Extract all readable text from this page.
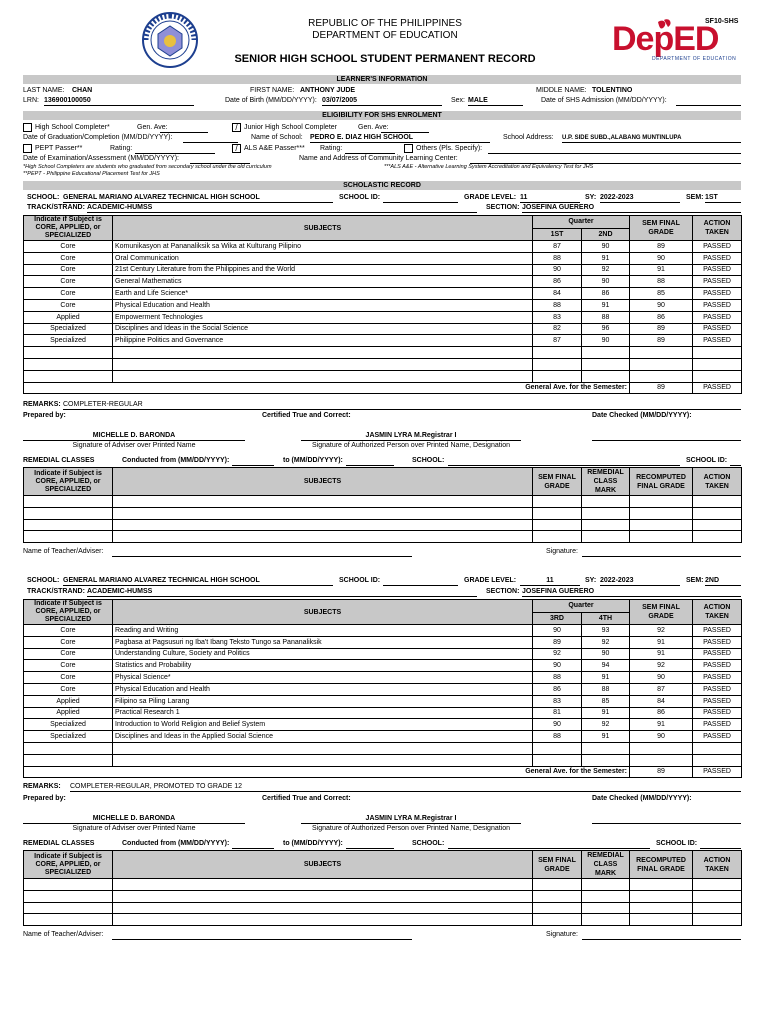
REPUBLIC OF THE PHILIPPINES
DEPARTMENT OF EDUCATION
SENIOR HIGH SCHOOL STUDENT PERMANENT RECORD
SF10-SHS
DepED
DEPARTMENT OF EDUCATION
LEARNER'S INFORMATION
LAST NAME: CHAN	FIRST NAME: ANTHONY JUDE	MIDDLE NAME: TOLENTINO
LRN: 136900100050	Date of Birth (MM/DD/YYYY): 03/07/2005	Sex: MALE	Date of SHS Admission (MM/DD/YYYY):
ELIGIBILITY FOR SHS ENROLMENT
High School Completer*	Gen. Ave:	/ Junior High School Completer	Gen. Ave:
Date of Graduation/Completion (MM/DD/YYYY):	Name of School: PEDRO E. DIAZ HIGH SCHOOL	School Address: U.P. SIDE SUBD.,ALABANG MUNTINLUPA
PEPT Passer**	Rating:	/ ALS A&E Passer*** Rating:	Others (Pls. Specify):
Date of Examination/Assessment (MM/DD/YYYY):	Name and Address of Community Learning Center:
*High School Completers are students who graduated from secondary school under the old curriculum	***ALS A&E - Alternative Learning System Accreditation and Equivalency Test for JHS
**PEPT - Philippine Educational Placement Test for JHS
SCHOLASTIC RECORD
SCHOOL: GENERAL MARIANO ALVAREZ TECHNICAL HIGH SCHOOL	SCHOOL ID:	GRADE LEVEL: 11	SY: 2022-2023	SEM: 1ST
TRACK/STRAND: ACADEMIC-HUMSS	SECTION: JOSEFINA GUERERO
Indicate if Subject is CORE, APPLIED, or SPECIALIZED	SUBJECTS	Quarter		SEM FINAL GRADE	ACTION TAKEN
		1ST	2ND		
Core	Komunikasyon at Pananaliksik sa Wika at Kulturang Pilipino	87	90	89	PASSED
Core	Oral Communication	88	91	90	PASSED
Core	21st Century Literature from the Philippines and the World	90	92	91	PASSED
Core	General Mathematics	86	90	88	PASSED
Core	Earth and Life Science*	84	86	85	PASSED
Core	Physical Education and Health	88	91	90	PASSED
Applied	Empowerment Technologies	83	88	86	PASSED
Specialized	Disciplines and Ideas in the Social Science	82	96	89	PASSED
Specialized	Philippine Politics and Governance	87	90	89	PASSED

General Ave. for the Semester:				89	PASSED
REMARKS: COMPLETER-REGULAR
Prepared by:	Certified True and Correct:	Date Checked (MM/DD/YYYY):
MICHELLE D. BARONDA	JASMIN LYRA M.Registrar I
Signature of Adviser over Printed Name	Signature of Authorized Person over Printed Name, Designation
REMEDIAL CLASSES	Conducted from (MM/DD/YYYY):	to (MM/DD/YYYY):	SCHOOL:	SCHOOL ID:
Indicate if Subject is CORE, APPLIED, or SPECIALIZED	SUBJECTS	SEM FINAL GRADE	REMEDIAL CLASS MARK	RECOMPUTED FINAL GRADE	ACTION TAKEN

Name of Teacher/Adviser:	Signature:
SCHOOL: GENERAL MARIANO ALVAREZ TECHNICAL HIGH SCHOOL	SCHOOL ID:	GRADE LEVEL:	11	SY: 2022-2023	SEM: 2ND
TRACK/STRAND: ACADEMIC-HUMSS	SECTION: JOSEFINA GUERERO
Indicate if Subject is CORE, APPLIED, or SPECIALIZED	SUBJECTS	Quarter		SEM FINAL GRADE	ACTION TAKEN
		3RD	4TH		
Core	Reading and Writing	90	93	92	PASSED
Core	Pagbasa at Pagsusuri ng Iba't Ibang Teksto Tungo sa Pananaliksik	89	92	91	PASSED
Core	Understanding Culture, Society and Politics	92	90	91	PASSED
Core	Statistics and Probability	90	94	92	PASSED
Core	Physical Science*	88	91	90	PASSED
Core	Physical Education and Health	86	88	87	PASSED
Applied	Filipino sa Piling Larang	83	85	84	PASSED
Applied	Practical Research 1	81	91	86	PASSED
Specialized	Introduction to World Religion and Belief System	90	92	91	PASSED
Specialized	Disciplines and Ideas in the Applied Social Science	88	91	90	PASSED

General Ave. for the Semester:				89	PASSED
REMARKS: COMPLETER-REGULAR, PROMOTED TO GRADE 12
Prepared by:	Certified True and Correct:	Date Checked (MM/DD/YYYY):
MICHELLE D. BARONDA	JASMIN LYRA M.Registrar I
Signature of Adviser over Printed Name	Signature of Authorized Person over Printed Name, Designation
REMEDIAL CLASSES	Conducted from (MM/DD/YYYY):	to (MM/DD/YYYY):	SCHOOL:	SCHOOL ID:
Indicate if Subject is CORE, APPLIED, or SPECIALIZED	SUBJECTS	SEM FINAL GRADE	REMEDIAL CLASS MARK	RECOMPUTED FINAL GRADE	ACTION TAKEN

Name of Teacher/Adviser:	Signature:
